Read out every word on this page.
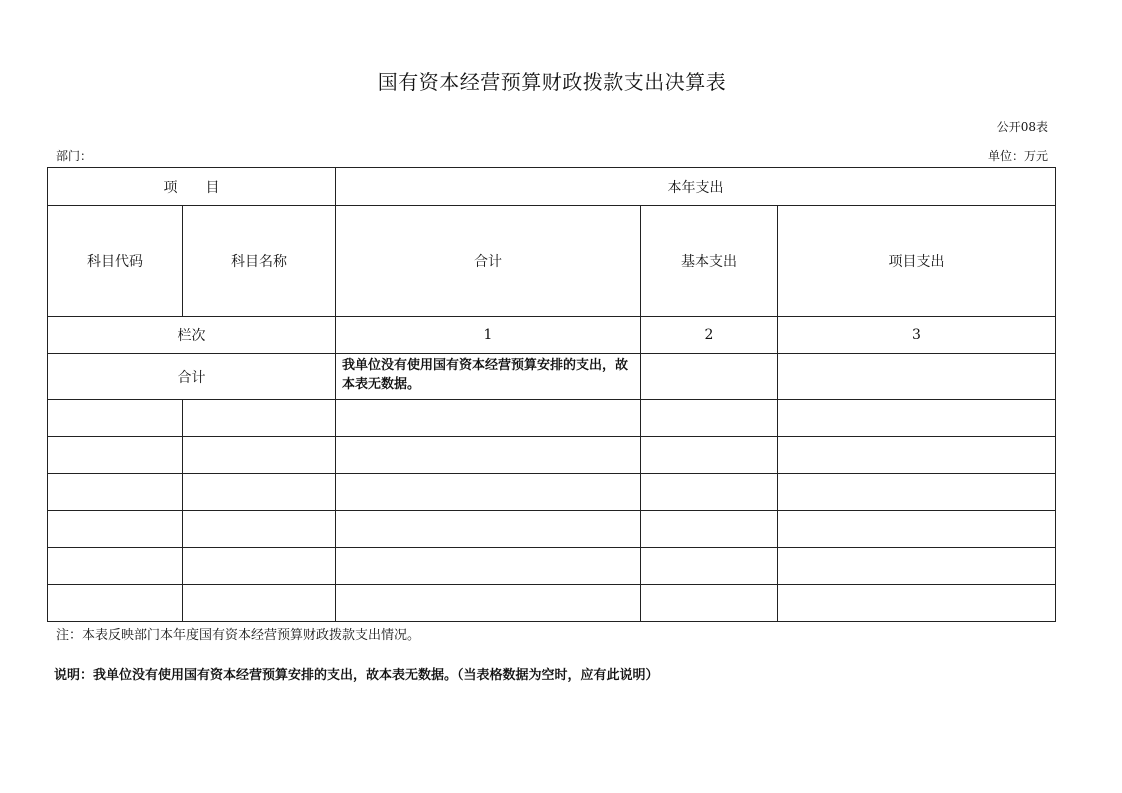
国有资本经营预算财政拨款支出决算表
公开08表
部门：	单位：万元
项　　目		本年支出		
科目代码	科目名称	合计	基本支出	项目支出
栏次		1	2	3
合计		我单位没有使用国有资本经营预算安排的支出，故本表无数据。		

注：本表反映部门本年度国有资本经营预算财政拨款支出情况。
说明：我单位没有使用国有资本经营预算安排的支出，故本表无数据。（当表格数据为空时，应有此说明）
